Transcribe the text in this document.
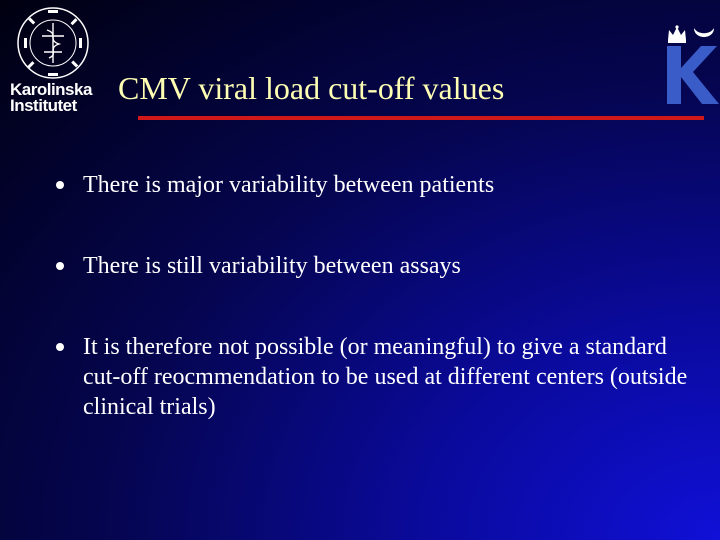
Karolinska
Institutet	CMV viral load cut-off values
There is major variability between patients
There is still variability between assays
It is therefore not possible (or meaningful) to give a standard cut-off reocmmendation to be used at different centers (outside clinical trials)
